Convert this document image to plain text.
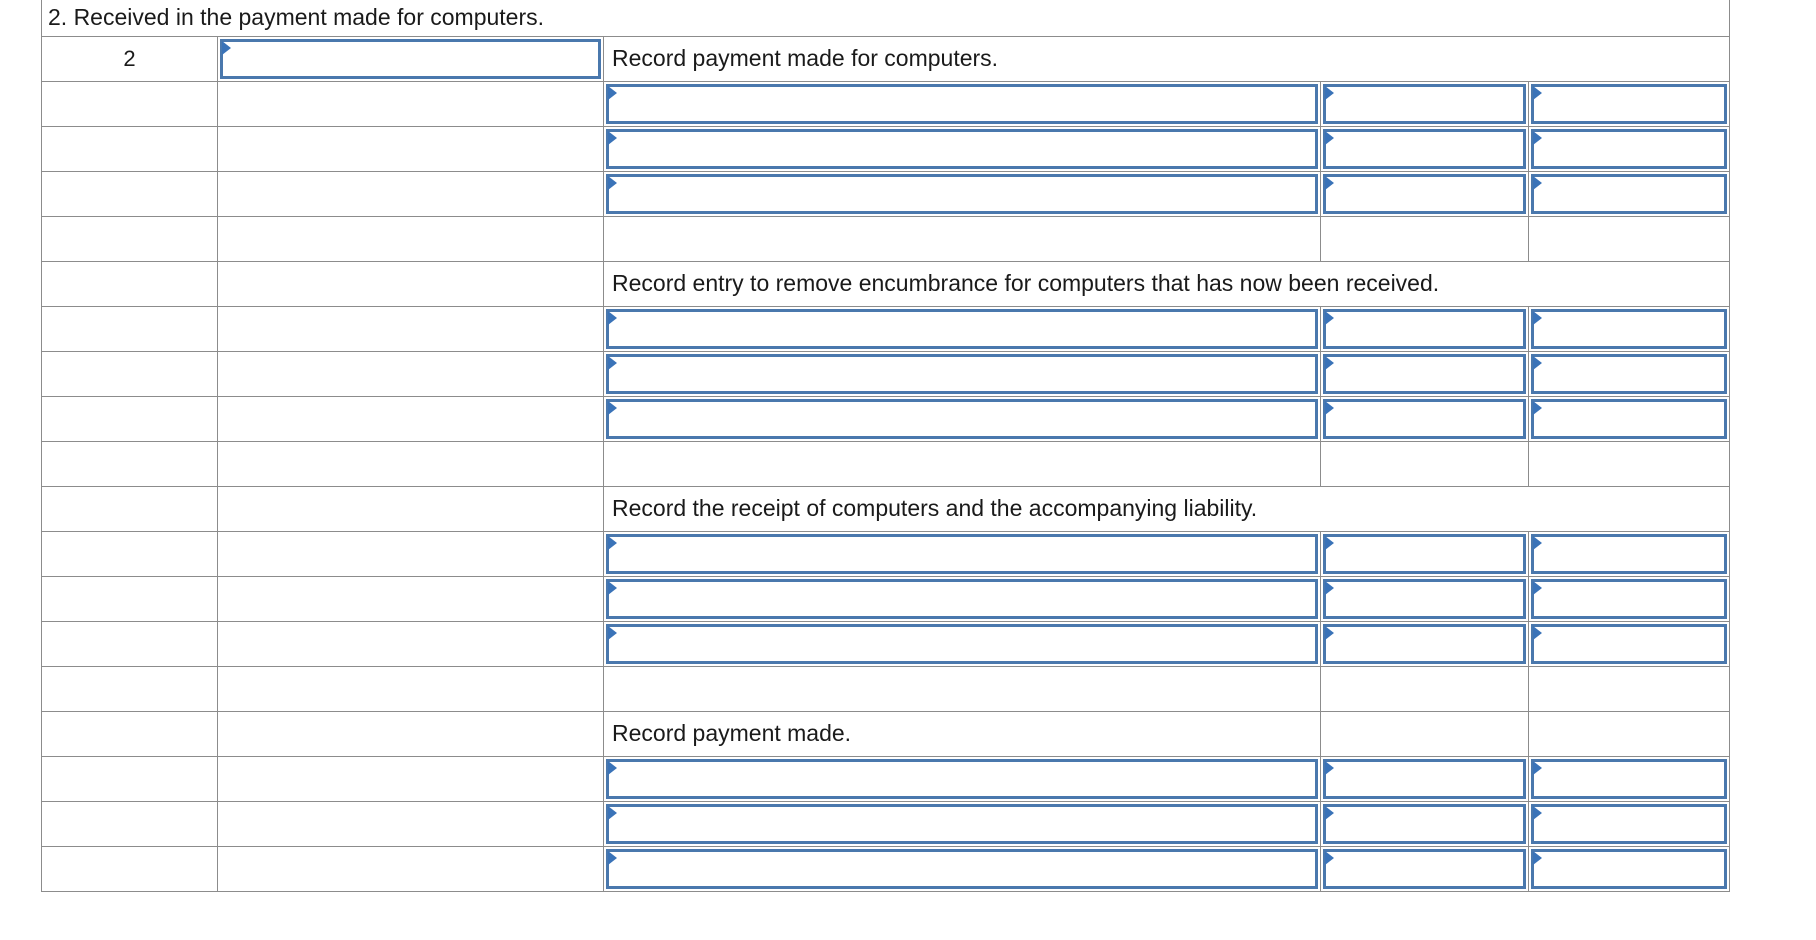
2. Received in the payment made for computers.				
2		Record payment made for computers.		

		Record entry to remove encumbrance for computers that has now been received.		

		Record the receipt of computers and the accompanying liability.		

		Record payment made.		
